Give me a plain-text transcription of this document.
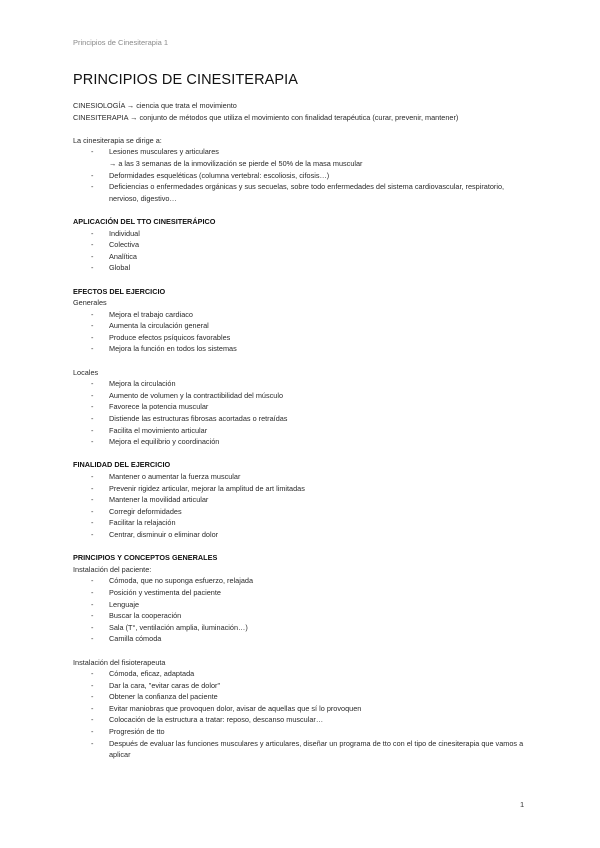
Principios de Cinesiterapia 1
PRINCIPIOS DE CINESITERAPIA
CINESIOLOGÍA → ciencia que trata el movimiento
CINESITERAPIA → conjunto de métodos que utiliza el movimiento con finalidad terapéutica (curar, prevenir, mantener)
La cinesiterapia se dirige a:
- Lesiones musculares y articulares
→ a las 3 semanas de la inmovilización se pierde el 50% de la masa muscular
- Deformidades esqueléticas (columna vertebral: escoliosis, cifosis…)
- Deficiencias o enfermedades orgánicas y sus secuelas, sobre todo enfermedades del sistema cardiovascular, respiratorio, nervioso, digestivo…
APLICACIÓN DEL TTO CINESITERÁPICO
- Individual
- Colectiva
- Analítica
- Global
EFECTOS DEL EJERCICIO
Generales
- Mejora el trabajo cardiaco
- Aumenta la circulación general
- Produce efectos psíquicos favorables
- Mejora la función en todos los sistemas
Locales
- Mejora la circulación
- Aumento de volumen y la contractibilidad del músculo
- Favorece la potencia muscular
- Distiende las estructuras fibrosas acortadas o retraídas
- Facilita el movimiento articular
- Mejora el equilibrio y coordinación
FINALIDAD DEL EJERCICIO
- Mantener o aumentar la fuerza muscular
- Prevenir rigidez articular, mejorar la amplitud de art limitadas
- Mantener la movilidad articular
- Corregir deformidades
- Facilitar la relajación
- Centrar, disminuir o eliminar dolor
PRINCIPIOS Y CONCEPTOS GENERALES
Instalación del paciente:
- Cómoda, que no suponga esfuerzo, relajada
- Posición y vestimenta del paciente
- Lenguaje
- Buscar la cooperación
- Sala (T°, ventilación amplia, iluminación…)
- Camilla cómoda
Instalación del fisioterapeuta
- Cómoda, eficaz, adaptada
- Dar la cara, "evitar caras de dolor"
- Obtener la confianza del paciente
- Evitar maniobras que provoquen dolor, avisar de aquellas que sí lo provoquen
- Colocación de la estructura a tratar: reposo, descanso muscular…
- Progresión de tto
- Después de evaluar las funciones musculares y articulares, diseñar un programa de tto con el tipo de cinesiterapia que vamos a aplicar
1
